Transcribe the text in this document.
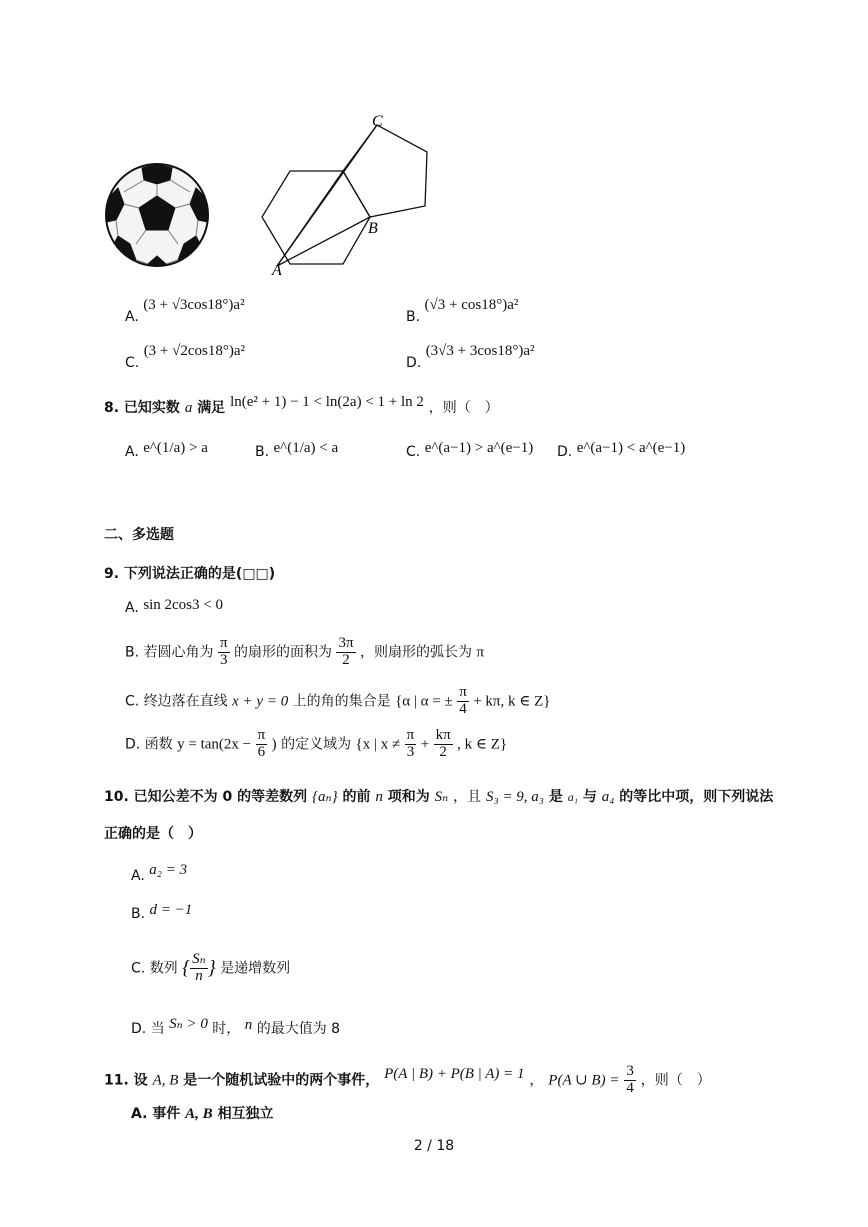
C
B
A
A. (3 + √3cos18°)a²
B. (√3 + cos18°)a²
C. (3 + √2cos18°)a²
D. (3√3 + 3cos18°)a²
8. 已知实数 a 满足 ln(e² + 1) − 1 < ln(2a) < 1 + ln 2 ，则（　）
A. e^(1/a) > a	B. e^(1/a) < a	C. e^(a−1) > a^(e−1) D. e^(a−1) < a^(e−1)
二、多选题
9. 下列说法正确的是(□□)
A. sin 2cos3 < 0
B. 若圆心角为 $\frac{\pi}{3}$ 的扇形的面积为 $\frac{3\pi}{2}$ ，则扇形的弧长为 π
C. 终边落在直线 x + y = 0 上的角的集合是 {α | α = ± $\frac{\pi}{4} + k\pi$, k ∈ Z}
D. 函数 $y = \tan(2x - \frac{\pi}{6}$ ) 的定义域为 {x | $x \ne \frac{\pi}{3} + \frac{k\pi}{2}$ , k ∈ Z}
10. 已知公差不为 0 的等差数列 {aₙ} 的前 n 项和为 Sₙ ，且 S₃ = 9, a₃ 是 a₁ 与 a₄ 的等比中项，则下列说法
正确的是（　）
A. a₂ = 3
B. d = −1
C. 数列 { $\frac{\text{Sₙ}}{n}$ } 是递增数列
D. 当 Sₙ > 0 时， n 的最大值为 8
11. 设 A, B 是一个随机试验中的两个事件， P(A | B) + P(B | A) = 1 ， P(A ∪ $B) = \frac{3}{4}$ ，则（　）
A. 事件 A, B 相互独立
2 / 18
